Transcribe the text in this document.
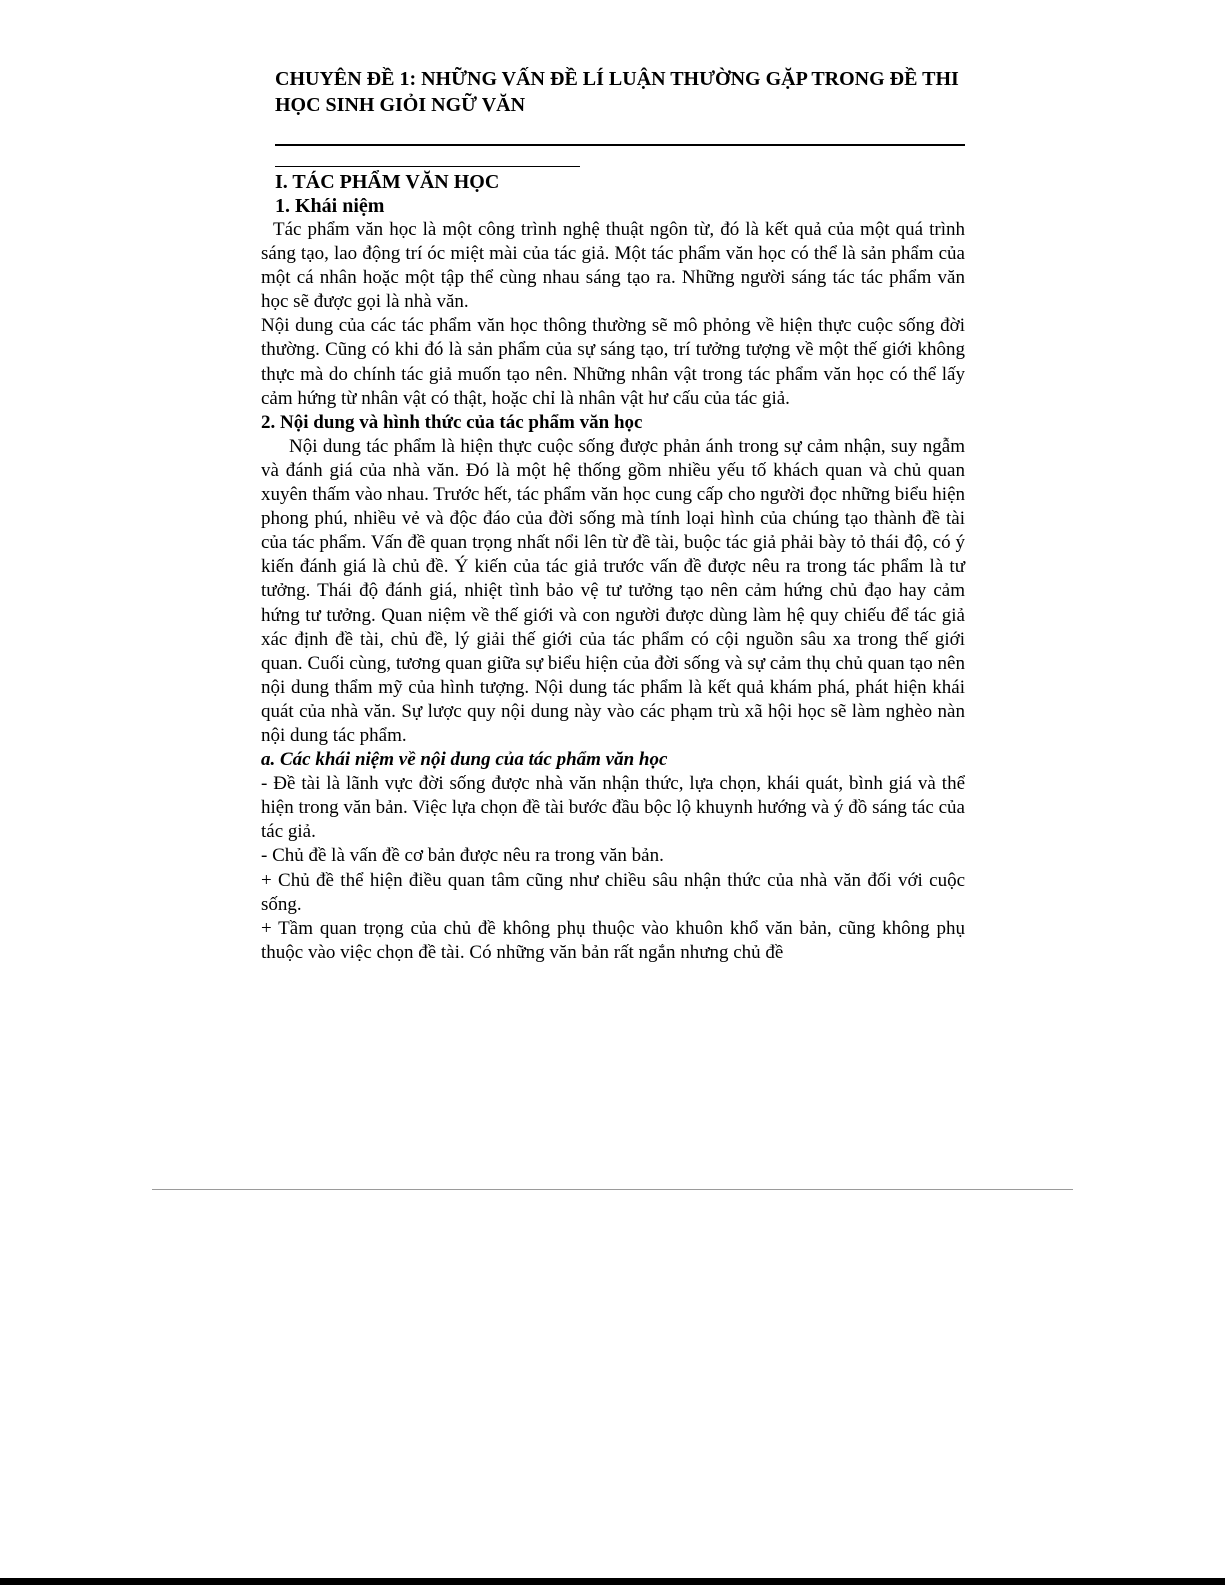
CHUYÊN ĐỀ 1: NHỮNG VẤN ĐỀ LÍ LUẬN THƯỜNG GẶP TRONG ĐỀ THI HỌC SINH GIỎI NGỮ VĂN
I. TÁC PHẨM VĂN HỌC
1. Khái niệm

Tác phẩm văn học là một công trình nghệ thuật ngôn từ, đó là kết quả của một quá trình sáng tạo, lao động trí óc miệt mài của tác giả. Một tác phẩm văn học có thể là sản phẩm của một cá nhân hoặc một tập thể cùng nhau sáng tạo ra. Những người sáng tác tác phẩm văn học sẽ được gọi là nhà văn.

Nội dung của các tác phẩm văn học thông thường sẽ mô phỏng về hiện thực cuộc sống đời thường. Cũng có khi đó là sản phẩm của sự sáng tạo, trí tưởng tượng về một thế giới không thực mà do chính tác giả muốn tạo nên. Những nhân vật trong tác phẩm văn học có thể lấy cảm hứng từ nhân vật có thật, hoặc chỉ là nhân vật hư cấu của tác giả.

2. Nội dung và hình thức của tác phẩm văn học

Nội dung tác phẩm là hiện thực cuộc sống được phản ánh trong sự cảm nhận, suy ngẫm và đánh giá của nhà văn. Đó là một hệ thống gồm nhiều yếu tố khách quan và chủ quan xuyên thấm vào nhau. Trước hết, tác phẩm văn học cung cấp cho người đọc những biểu hiện phong phú, nhiều vẻ và độc đáo của đời sống mà tính loại hình của chúng tạo thành đề tài của tác phẩm. Vấn đề quan trọng nhất nổi lên từ đề tài, buộc tác giả phải bày tỏ thái độ, có ý kiến đánh giá là chủ đề. Ý kiến của tác giả trước vấn đề được nêu ra trong tác phẩm là tư tưởng. Thái độ đánh giá, nhiệt tình bảo vệ tư tưởng tạo nên cảm hứng chủ đạo hay cảm hứng tư tưởng. Quan niệm về thế giới và con người được dùng làm hệ quy chiếu để tác giả xác định đề tài, chủ đề, lý giải thế giới của tác phẩm có cội nguồn sâu xa trong thế giới quan. Cuối cùng, tương quan giữa sự biểu hiện của đời sống và sự cảm thụ chủ quan tạo nên nội dung thẩm mỹ của hình tượng. Nội dung tác phẩm là kết quả khám phá, phát hiện khái quát của nhà văn. Sự lược quy nội dung này vào các phạm trù xã hội học sẽ làm nghèo nàn nội dung tác phẩm.

a. Các khái niệm về nội dung của tác phẩm văn học

- Đề tài là lãnh vực đời sống được nhà văn nhận thức, lựa chọn, khái quát, bình giá và thể hiện trong văn bản. Việc lựa chọn đề tài bước đầu bộc lộ khuynh hướng và ý đồ sáng tác của tác giả.

- Chủ đề là vấn đề cơ bản được nêu ra trong văn bản.

+ Chủ đề thể hiện điều quan tâm cũng như chiều sâu nhận thức của nhà văn đối với cuộc sống.

+ Tầm quan trọng của chủ đề không phụ thuộc vào khuôn khổ văn bản, cũng không phụ thuộc vào việc chọn đề tài. Có những văn bản rất ngắn nhưng chủ đề
